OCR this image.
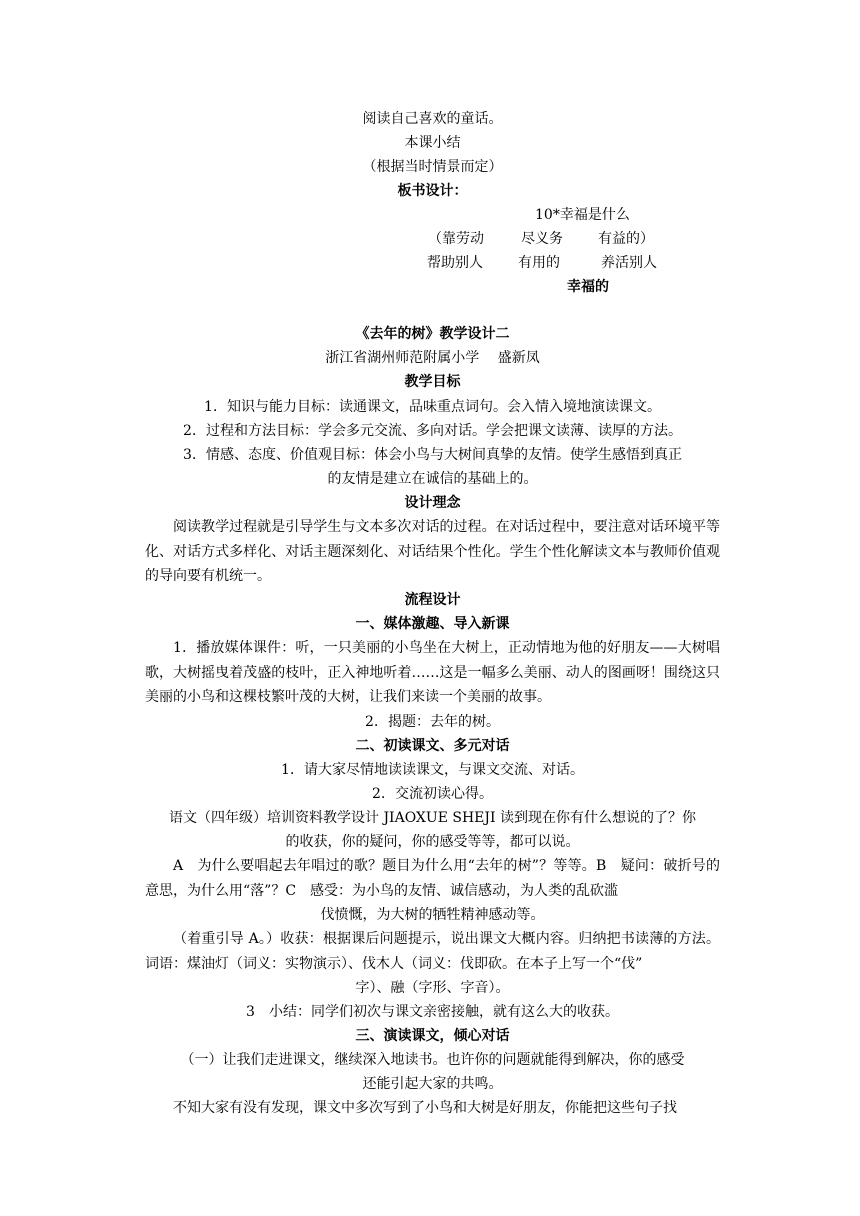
阅读自己喜欢的童话。

本课小结

（根据当时情景而定）

板书设计：

10*幸福是什么

（靠劳动	尽义务	有益的）

帮助别人	有用的	养活别人

幸福的

《去年的树》教学设计二

浙江省湖州师范附属小学　 盛新凤

教学目标

1．知识与能力目标：读通课文，品味重点词句。会入情入境地演读课文。

2．过程和方法目标：学会多元交流、多向对话。学会把课文读薄、读厚的方法。

3．情感、态度、价值观目标：体会小鸟与大树间真挚的友情。使学生感悟到真正

的友情是建立在诚信的基础上的。

设计理念

阅读教学过程就是引导学生与文本多次对话的过程。在对话过程中，要注意对话环境平等化、对话方式多样化、对话主题深刻化、对话结果个性化。学生个性化解读文本与教师价值观的导向要有机统一。

流程设计

一、媒体激趣、导入新课

1．播放媒体课件：听，一只美丽的小鸟坐在大树上，正动情地为他的好朋友——大树唱歌，大树摇曳着茂盛的枝叶，正入神地听着……这是一幅多么美丽、动人的图画呀！围绕这只美丽的小鸟和这棵枝繁叶茂的大树，让我们来读一个美丽的故事。

2．揭题：去年的树。

二、初读课文、多元对话

1．请大家尽情地读读课文，与课文交流、对话。

2．交流初读心得。

语文（四年级）培训资料教学设计 JIAOXUE SHEJI 读到现在你有什么想说的了？你

的收获，你的疑问，你的感受等等，都可以说。

A　为什么要唱起去年唱过的歌？题目为什么用“去年的树”？等等。B　疑问：破折号的意思，为什么用“落”？C　感受：为小鸟的友情、诚信感动，为人类的乱砍滥

伐愤慨，为大树的牺牲精神感动等。

（着重引导 A。）收获：根据课后问题提示，说出课文大概内容。归纳把书读薄的方法。词语：煤油灯（词义：实物演示）、伐木人（词义：伐即砍。在本子上写一个“伐”

字）、融（字形、字音）。

3　小结：同学们初次与课文亲密接触，就有这么大的收获。

三、演读课文，倾心对话

（一）让我们走进课文，继续深入地读书。也许你的问题就能得到解决，你的感受

还能引起大家的共鸣。

不知大家有没有发现，课文中多次写到了小鸟和大树是好朋友，你能把这些句子找
